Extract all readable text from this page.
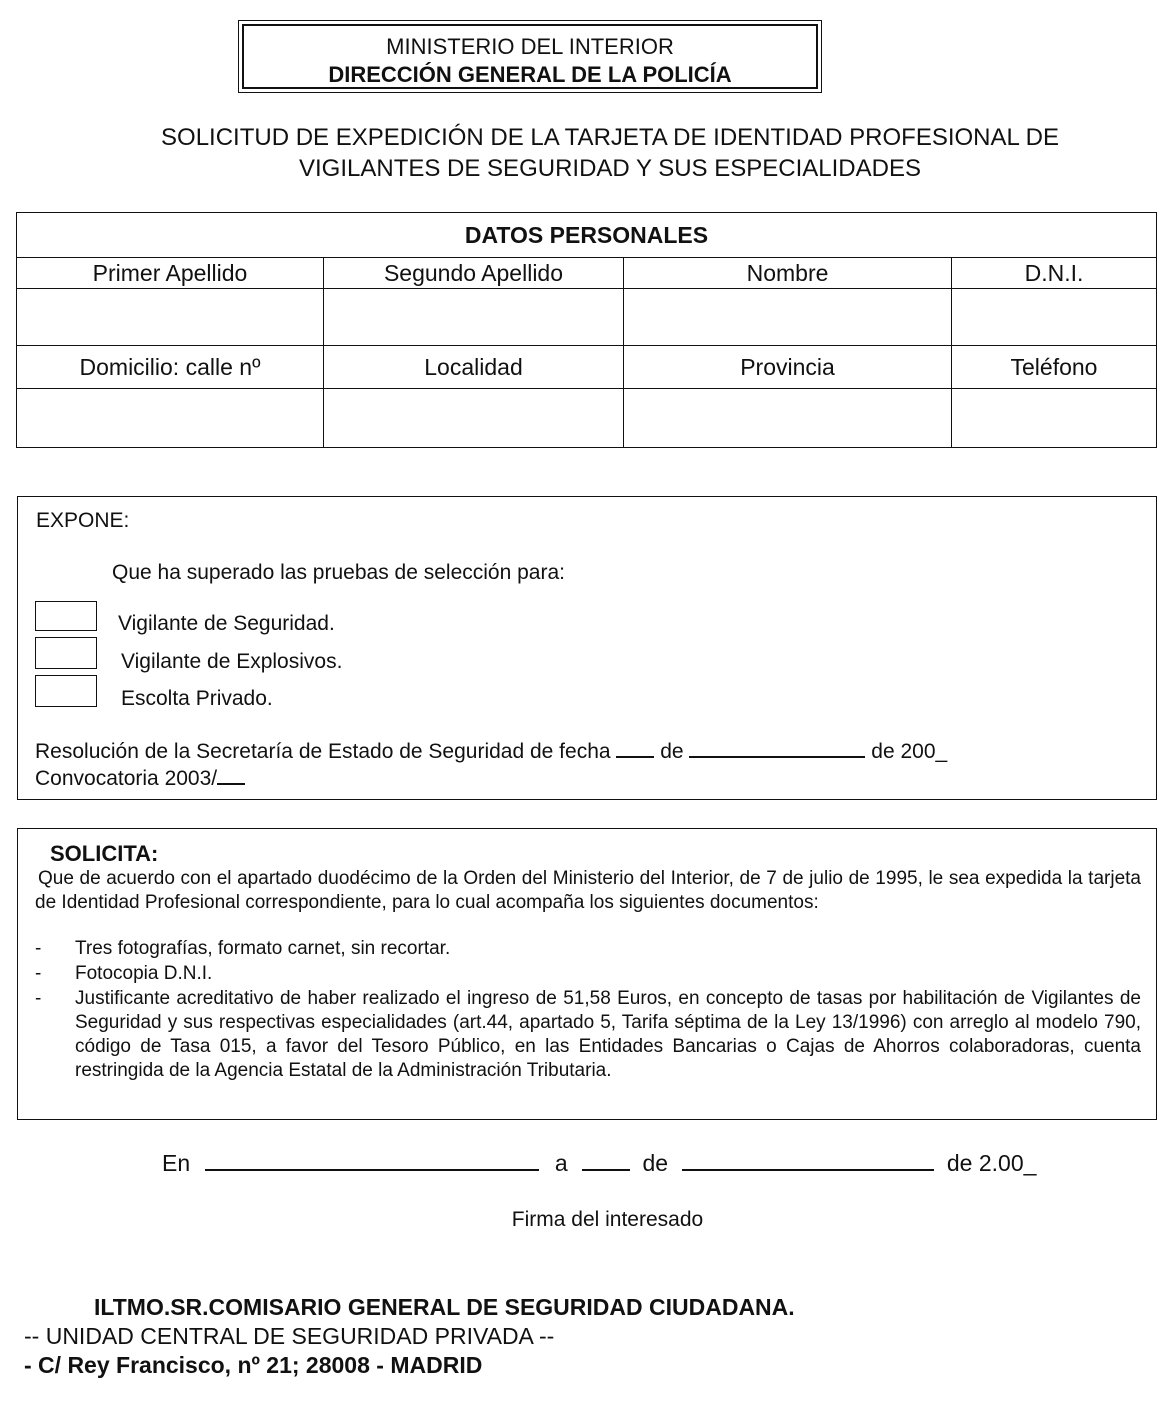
MINISTERIO DEL INTERIOR
DIRECCIÓN GENERAL DE LA POLICÍA
SOLICITUD DE EXPEDICIÓN DE LA TARJETA DE IDENTIDAD PROFESIONAL DE
VIGILANTES DE SEGURIDAD Y SUS ESPECIALIDADES
DATOS PERSONALES			
Primer Apellido	Segundo Apellido	Nombre	D.N.I.

Domicilio: calle nº	Localidad	Provincia	Teléfono

EXPONE:
Que ha superado las pruebas de selección para:
Vigilante de Seguridad.
Vigilante de Explosivos.
Escolta Privado.
Resolución de la Secretaría de Estado de Seguridad de fecha de	de 200_
Convocatoria 2003/
SOLICITA:
Que de acuerdo con el apartado duodécimo de la Orden del Ministerio del Interior, de 7 de julio de 1995, le sea expedida la tarjeta de Identidad Profesional correspondiente, para lo cual acompaña los siguientes documentos:
- Tres fotografías, formato carnet, sin recortar.
- Fotocopia D.N.I.
- Justificante acreditativo de haber realizado el ingreso de 51,58 Euros, en concepto de tasas por habilitación de Vigilantes de Seguridad y sus respectivas especialidades (art.44, apartado 5, Tarifa séptima de la Ley 13/1996) con arreglo al modelo 790, código de Tasa 015, a favor del Tesoro Público, en las Entidades Bancarias o Cajas de Ahorros colaboradoras, cuenta restringida de la Agencia Estatal de la Administración Tributaria.
En	a	de	de 2.00_
Firma del interesado
ILTMO.SR.COMISARIO GENERAL DE SEGURIDAD CIUDADANA.
-- UNIDAD CENTRAL DE SEGURIDAD PRIVADA --
- C/ Rey Francisco, nº 21; 28008 - MADRID
